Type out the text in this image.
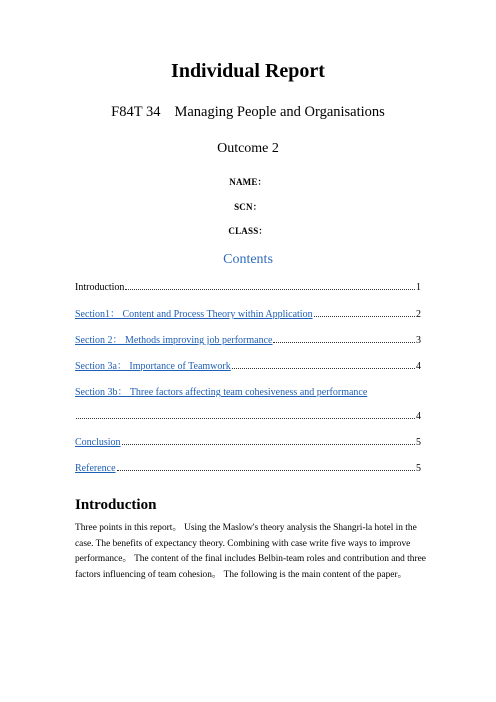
Individual Report
F84T 34 Managing People and Organisations
Outcome 2
NAME：
SCN：
CLASS：
Contents
Introduction	1
Section1： Content and Process Theory within Application	2
Section 2： Methods improving job performance	3
Section 3a： Importance of Teamwork	4
Section 3b： Three factors affecting team cohesiveness and performance
4
Conclusion	5
Reference	5
Introduction
Three points in this report。 Using the Maslow's theory analysis the Shangri-la hotel in the case. The benefits of expectancy theory. Combining with case write five ways to improve performance。 The content of the final includes Belbin-team roles and contribution and three factors influencing of team cohesion。 The following is the main content of the paper。
